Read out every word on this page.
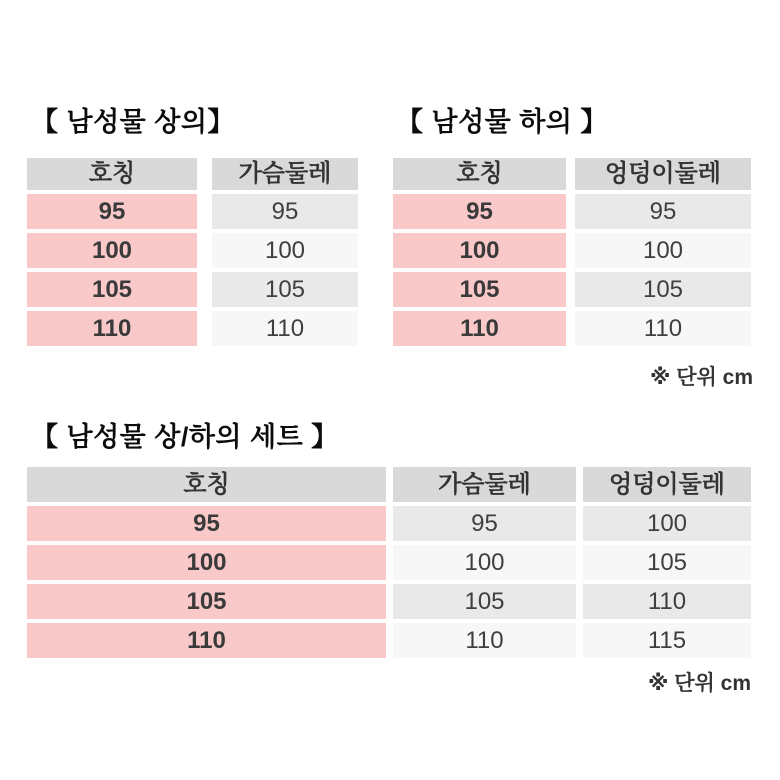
【 남성물 상의】
호칭	가슴둘레
95	95
100	100
105	105
110	110
【 남성물 하의 】
호칭	엉덩이둘레
95	95
100	100
105	105
110	110
※ 단위 cm
【 남성물 상/하의 세트 】
호칭	가슴둘레	엉덩이둘레
95	95	100
100	100	105
105	105	110
110	110	115
※ 단위 cm
